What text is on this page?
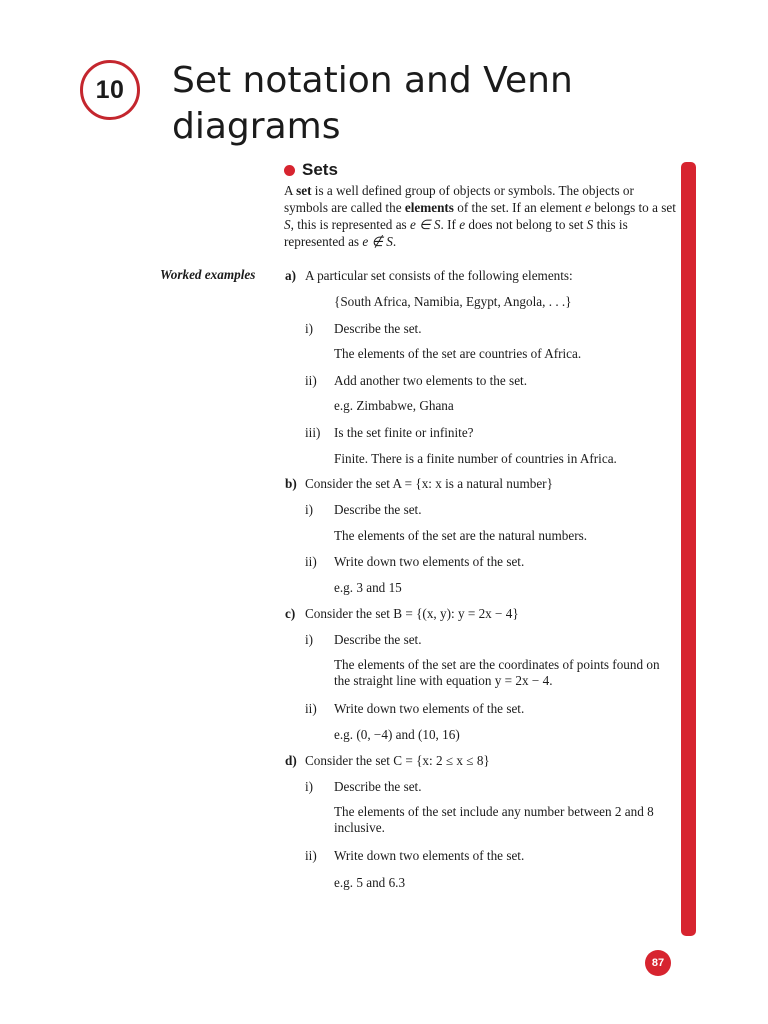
10	Set notation and Venn diagrams
Sets
A set is a well defined group of objects or symbols. The objects or symbols are called the elements of the set. If an element e belongs to a set S, this is represented as e ∈ S. If e does not belong to set S this is represented as e ∉ S.
Worked examples a) A particular set consists of the following elements:
{South Africa, Namibia, Egypt, Angola, . . .}
i) Describe the set.
The elements of the set are countries of Africa.
ii) Add another two elements to the set.
e.g. Zimbabwe, Ghana
iii) Is the set finite or infinite?
Finite. There is a finite number of countries in Africa.
b) Consider the set A = {x: x is a natural number}
i) Describe the set.
The elements of the set are the natural numbers.
ii) Write down two elements of the set.
e.g. 3 and 15
c) Consider the set B = {(x, y): y = 2x − 4}
i) Describe the set.
The elements of the set are the coordinates of points found on the straight line with equation y = 2x − 4.
ii) Write down two elements of the set.
e.g. (0, −4) and (10, 16)
d) Consider the set C = {x: 2 ≤ x ≤ 8}
i) Describe the set.
The elements of the set include any number between 2 and 8 inclusive.
ii) Write down two elements of the set.
e.g. 5 and 6.3
87
